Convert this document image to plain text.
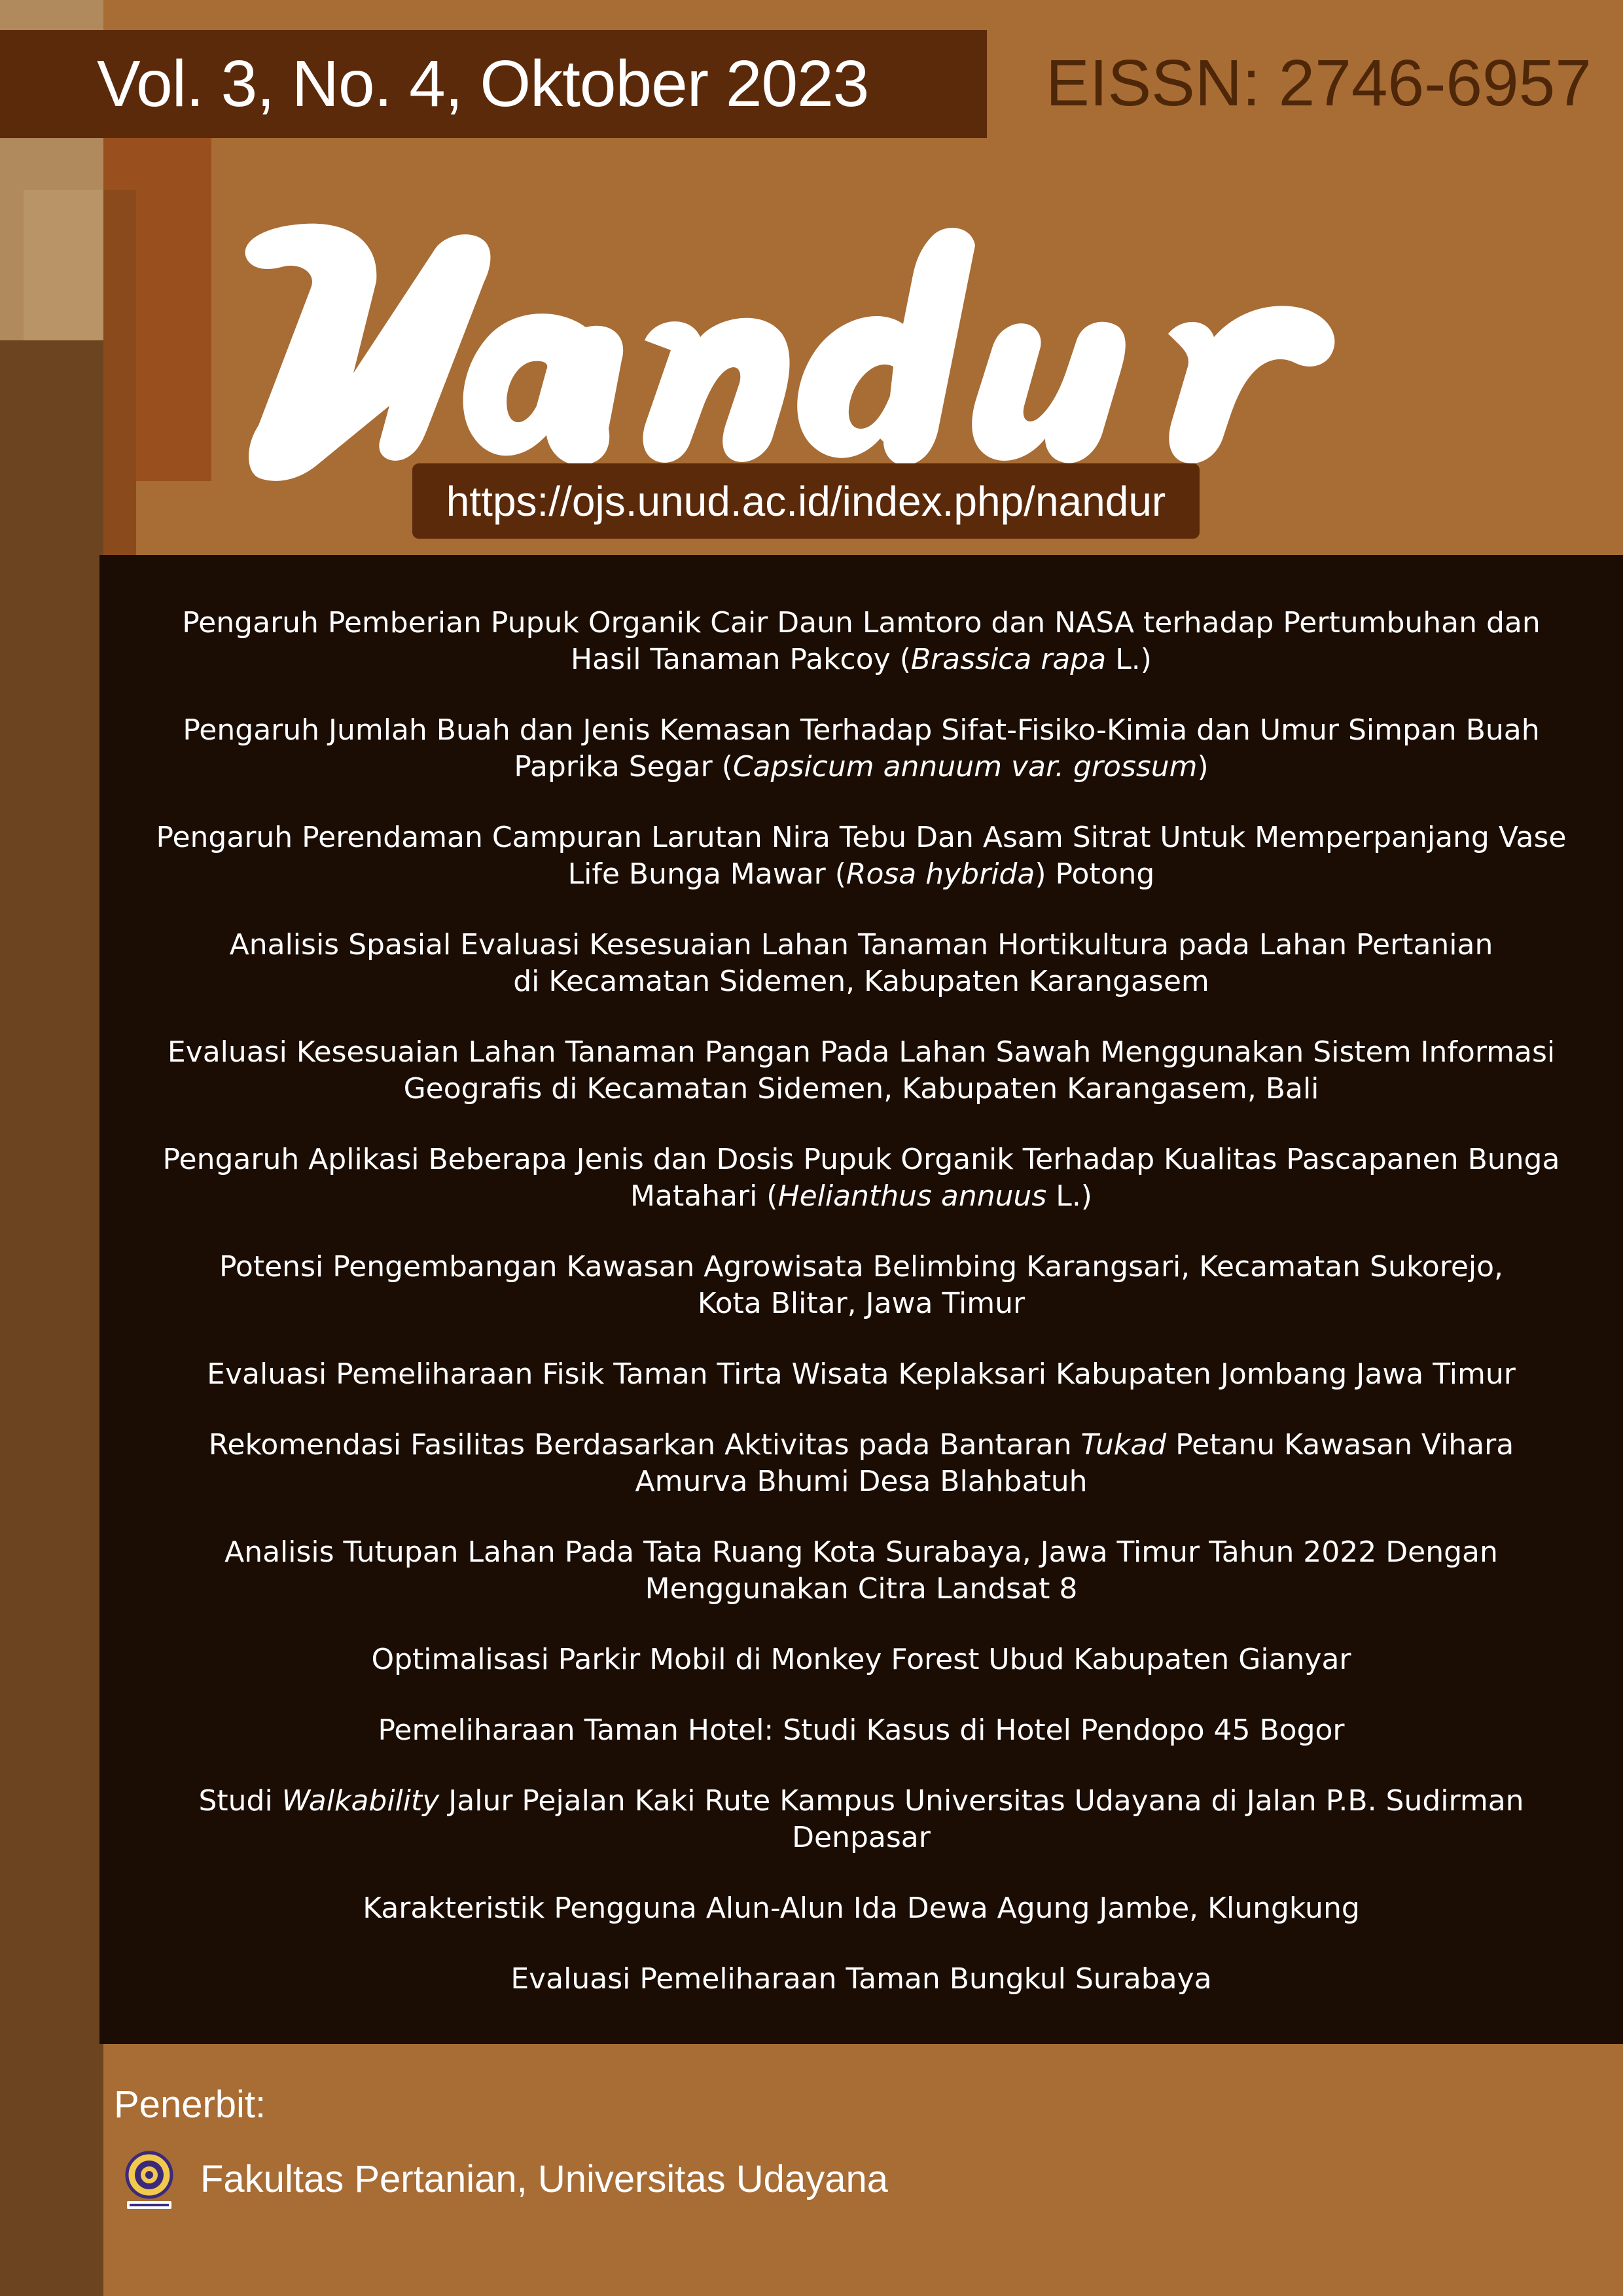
Vol. 3, No. 4, Oktober 2023	EISSN: 2746-6957
https://ojs.unud.ac.id/index.php/nandur
Pengaruh Pemberian Pupuk Organik Cair Daun Lamtoro dan NASA terhadap Pertumbuhan dan
Hasil Tanaman Pakcoy (Brassica rapa L.)
Pengaruh Jumlah Buah dan Jenis Kemasan Terhadap Sifat-Fisiko-Kimia dan Umur Simpan Buah
Paprika Segar (Capsicum annuum var. grossum)
Pengaruh Perendaman Campuran Larutan Nira Tebu Dan Asam Sitrat Untuk Memperpanjang Vase
Life Bunga Mawar (Rosa hybrida) Potong
Analisis Spasial Evaluasi Kesesuaian Lahan Tanaman Hortikultura pada Lahan Pertanian
di Kecamatan Sidemen, Kabupaten Karangasem
Evaluasi Kesesuaian Lahan Tanaman Pangan Pada Lahan Sawah Menggunakan Sistem Informasi
Geografis di Kecamatan Sidemen, Kabupaten Karangasem, Bali
Pengaruh Aplikasi Beberapa Jenis dan Dosis Pupuk Organik Terhadap Kualitas Pascapanen Bunga
Matahari (Helianthus annuus L.)
Potensi Pengembangan Kawasan Agrowisata Belimbing Karangsari, Kecamatan Sukorejo,
Kota Blitar, Jawa Timur
Evaluasi Pemeliharaan Fisik Taman Tirta Wisata Keplaksari Kabupaten Jombang Jawa Timur
Rekomendasi Fasilitas Berdasarkan Aktivitas pada Bantaran Tukad Petanu Kawasan Vihara
Amurva Bhumi Desa Blahbatuh
Analisis Tutupan Lahan Pada Tata Ruang Kota Surabaya, Jawa Timur Tahun 2022 Dengan
Menggunakan Citra Landsat 8
Optimalisasi Parkir Mobil di Monkey Forest Ubud Kabupaten Gianyar
Pemeliharaan Taman Hotel: Studi Kasus di Hotel Pendopo 45 Bogor
Studi Walkability Jalur Pejalan Kaki Rute Kampus Universitas Udayana di Jalan P.B. Sudirman
Denpasar
Karakteristik Pengguna Alun-Alun Ida Dewa Agung Jambe, Klungkung
Evaluasi Pemeliharaan Taman Bungkul Surabaya
Penerbit:
Fakultas Pertanian, Universitas Udayana
